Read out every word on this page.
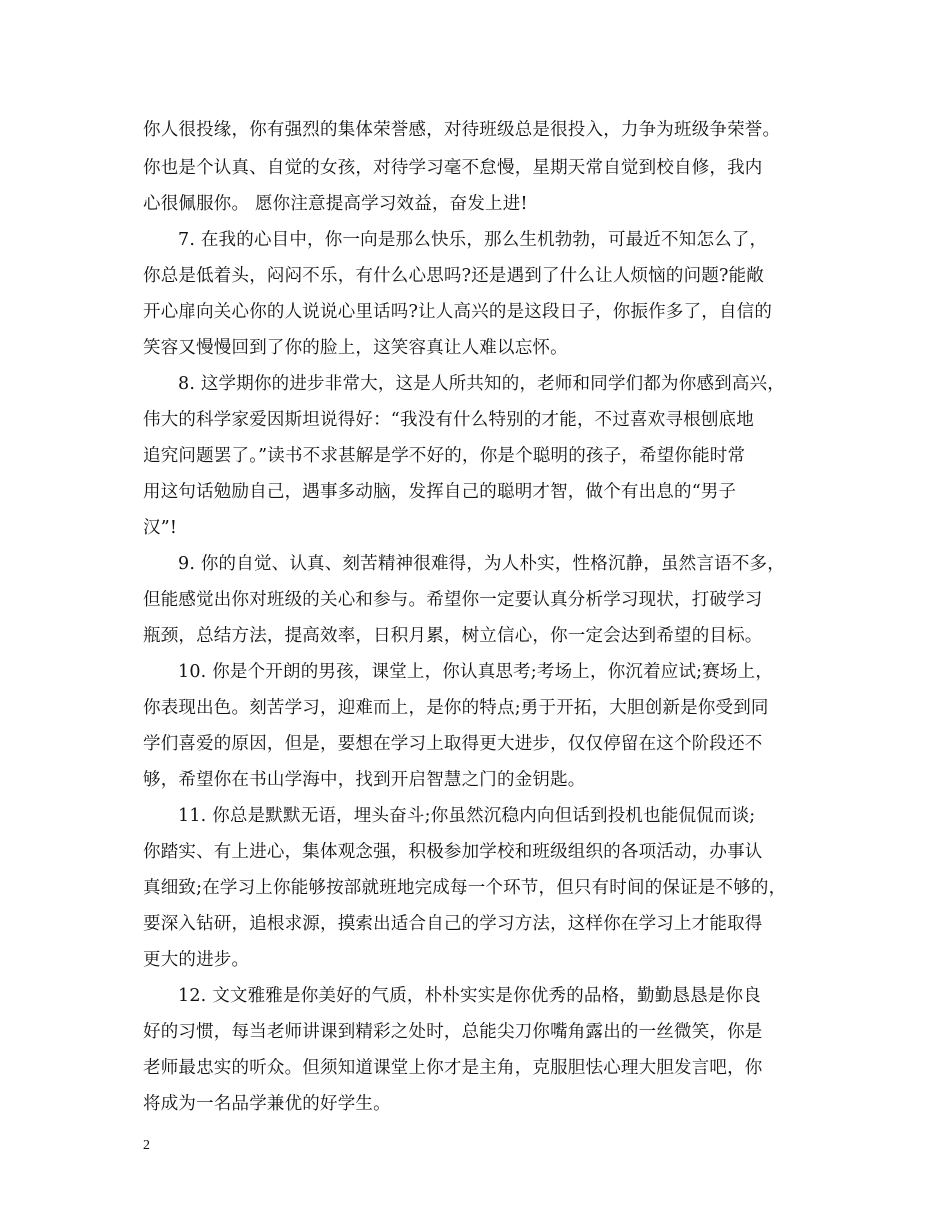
你人很投缘，你有强烈的集体荣誉感，对待班级总是很投入，力争为班级争荣誉。
你也是个认真、自觉的女孩，对待学习毫不怠慢，星期天常自觉到校自修，我内
心很佩服你。 愿你注意提高学习效益，奋发上进!
7. 在我的心目中，你一向是那么快乐，那么生机勃勃，可最近不知怎么了，
你总是低着头，闷闷不乐，有什么心思吗?还是遇到了什么让人烦恼的问题?能敞
开心扉向关心你的人说说心里话吗?让人高兴的是这段日子，你振作多了，自信的
笑容又慢慢回到了你的脸上，这笑容真让人难以忘怀。
8. 这学期你的进步非常大，这是人所共知的，老师和同学们都为你感到高兴，
伟大的科学家爱因斯坦说得好：“我没有什么特别的才能，不过喜欢寻根刨底地
追究问题罢了。”读书不求甚解是学不好的，你是个聪明的孩子，希望你能时常
用这句话勉励自己，遇事多动脑，发挥自己的聪明才智，做个有出息的“男子
汉”!
9. 你的自觉、认真、刻苦精神很难得，为人朴实，性格沉静，虽然言语不多，
但能感觉出你对班级的关心和参与。希望你一定要认真分析学习现状，打破学习
瓶颈，总结方法，提高效率，日积月累，树立信心，你一定会达到希望的目标。
10. 你是个开朗的男孩，课堂上，你认真思考;考场上，你沉着应试;赛场上，
你表现出色。刻苦学习，迎难而上，是你的特点;勇于开拓，大胆创新是你受到同
学们喜爱的原因，但是，要想在学习上取得更大进步，仅仅停留在这个阶段还不
够，希望你在书山学海中，找到开启智慧之门的金钥匙。
11. 你总是默默无语，埋头奋斗;你虽然沉稳内向但话到投机也能侃侃而谈;
你踏实、有上进心，集体观念强，积极参加学校和班级组织的各项活动，办事认
真细致;在学习上你能够按部就班地完成每一个环节，但只有时间的保证是不够的，
要深入钻研，追根求源，摸索出适合自己的学习方法，这样你在学习上才能取得
更大的进步。
12. 文文雅雅是你美好的气质，朴朴实实是你优秀的品格，勤勤恳恳是你良
好的习惯，每当老师讲课到精彩之处时，总能尖刀你嘴角露出的一丝微笑，你是
老师最忠实的听众。但须知道课堂上你才是主角，克服胆怯心理大胆发言吧，你
将成为一名品学兼优的好学生。
2
